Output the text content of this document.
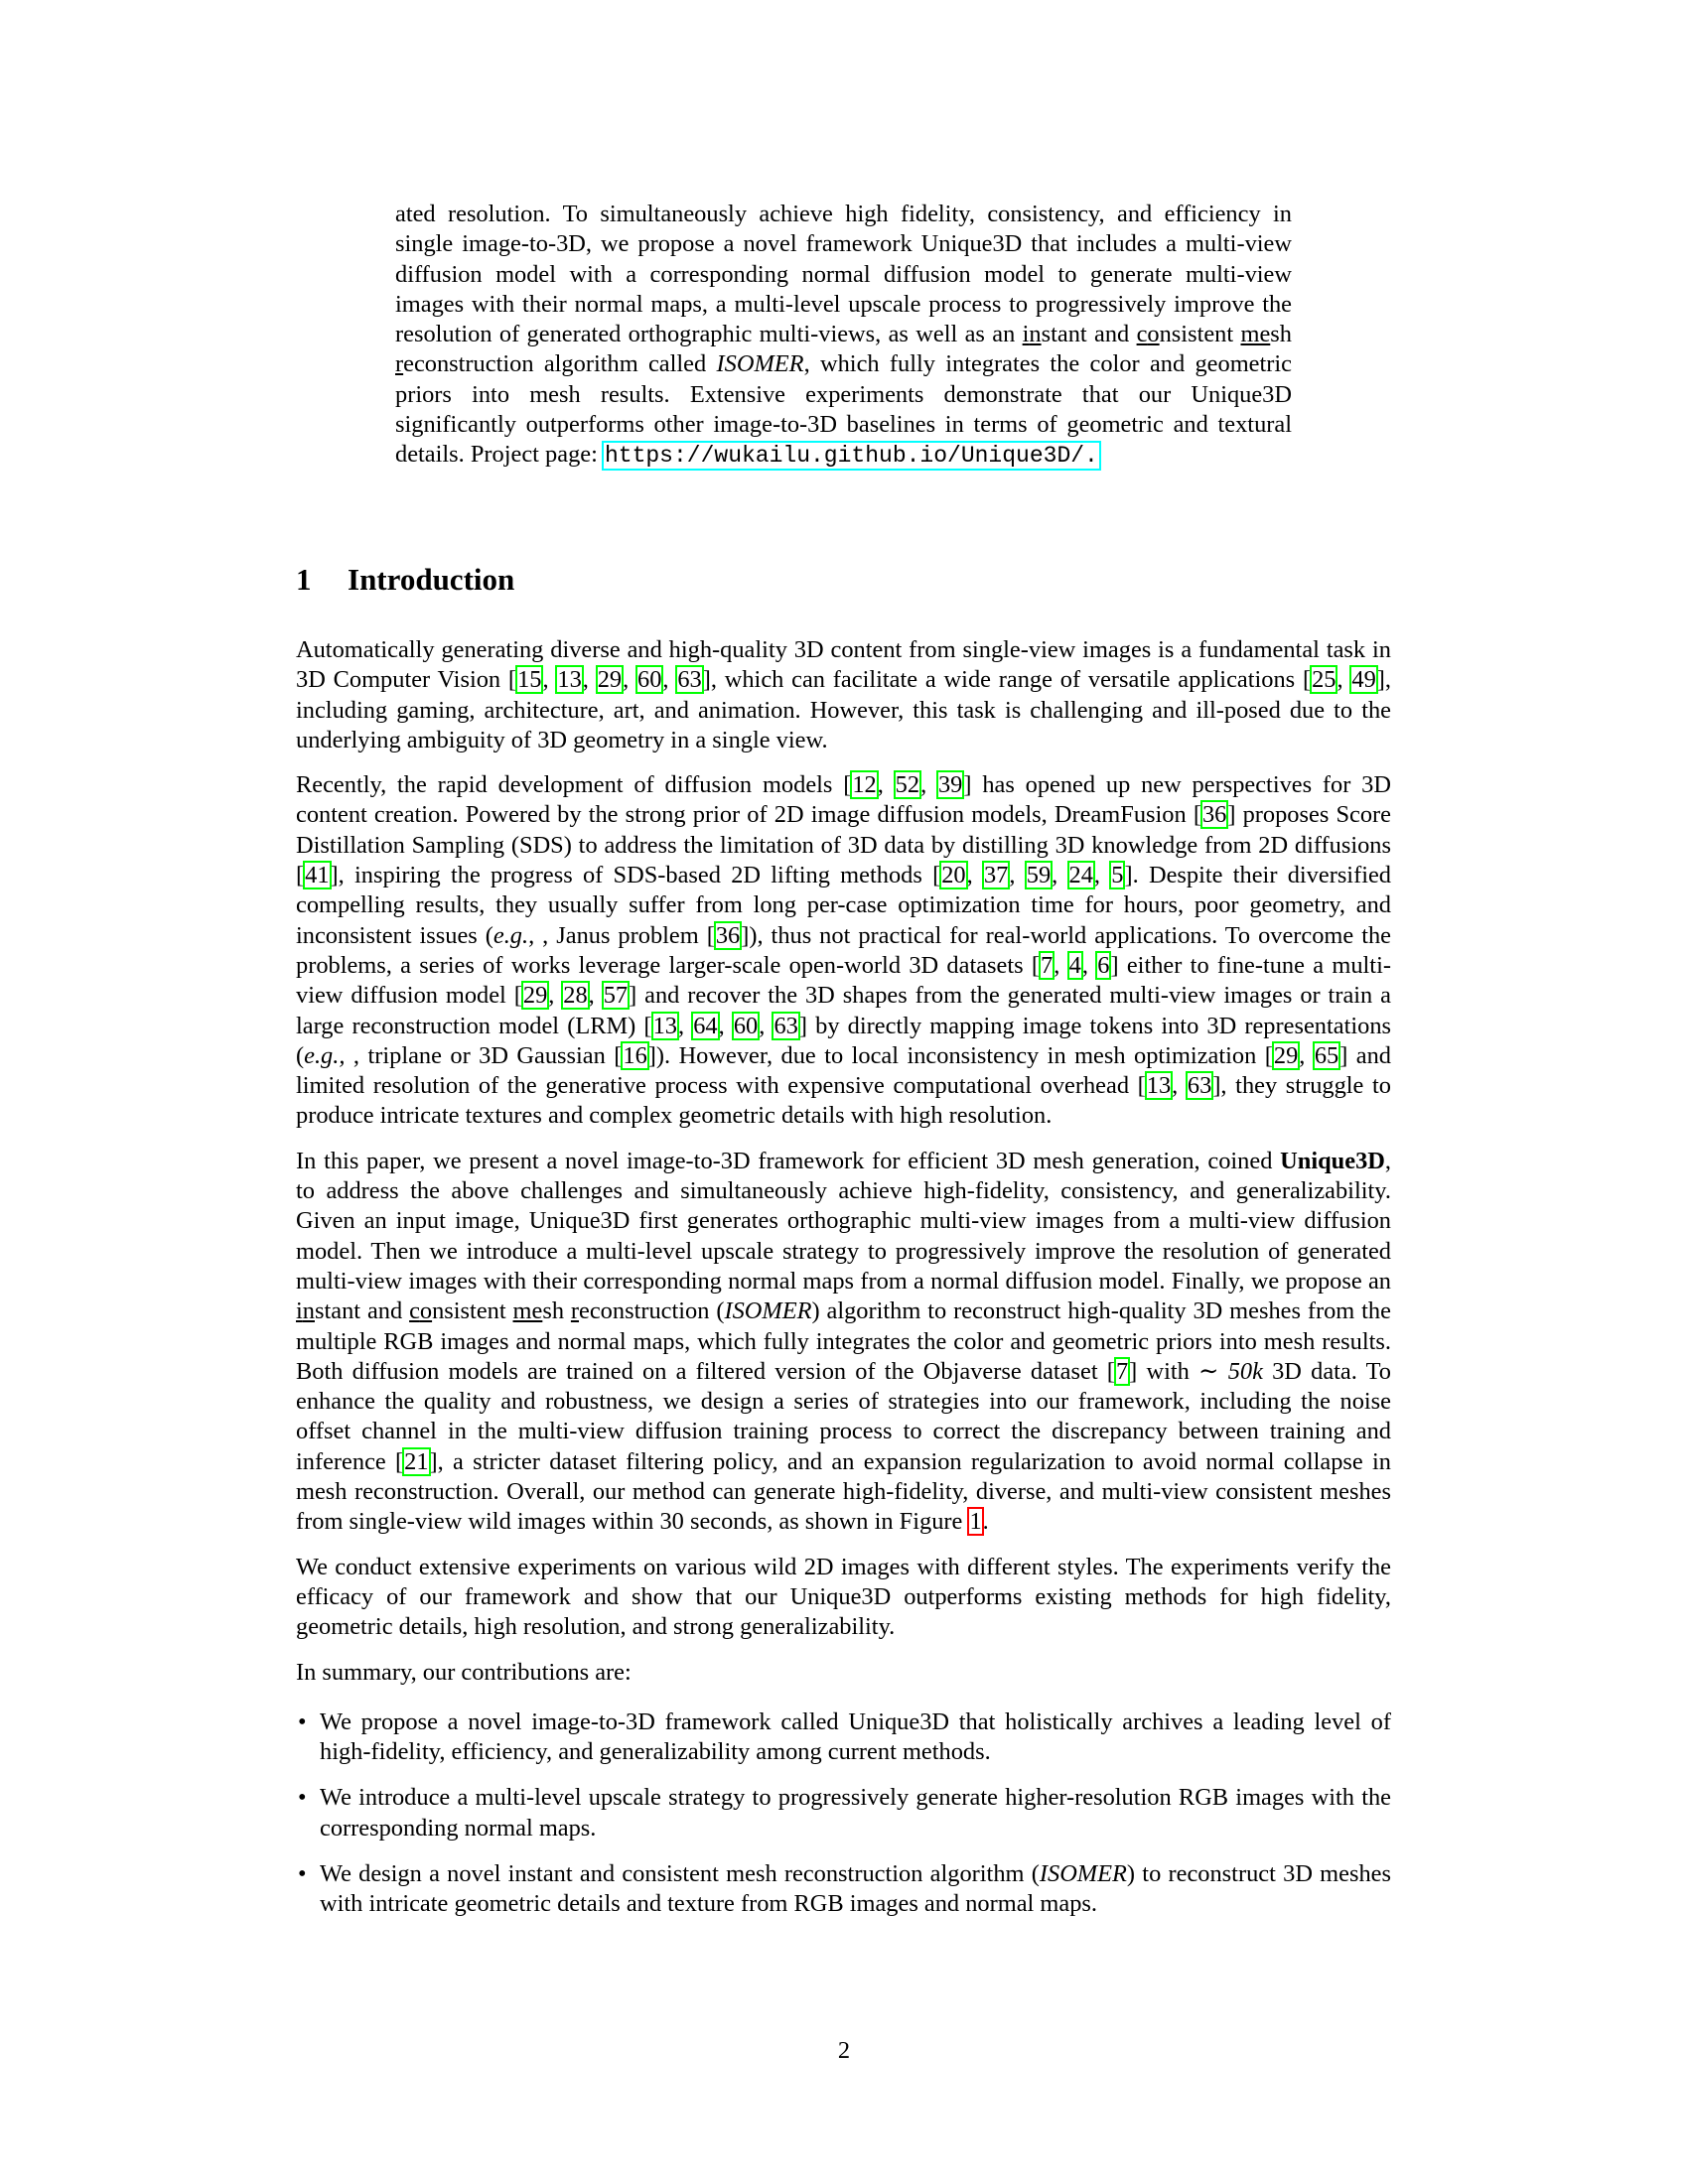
ated resolution. To simultaneously achieve high fidelity, consistency, and efficiency in single image-to-3D, we propose a novel framework Unique3D that includes a multi-view diffusion model with a corresponding normal diffusion model to generate multi-view images with their normal maps, a multi-level upscale process to progressively improve the resolution of generated orthographic multi-views, as well as an instant and consistent mesh reconstruction algorithm called ISOMER, which fully integrates the color and geometric priors into mesh results. Extensive experiments demonstrate that our Unique3D significantly outperforms other image-to-3D baselines in terms of geometric and textural details. Project page: https://wukailu.github.io/Unique3D/.
1 Introduction

Automatically generating diverse and high-quality 3D content from single-view images is a fundamental task in 3D Computer Vision [15, 13, 29, 60, 63], which can facilitate a wide range of versatile applications [25, 49], including gaming, architecture, art, and animation. However, this task is challenging and ill-posed due to the underlying ambiguity of 3D geometry in a single view.

Recently, the rapid development of diffusion models [12, 52, 39] has opened up new perspectives for 3D content creation. Powered by the strong prior of 2D image diffusion models, DreamFusion [36] proposes Score Distillation Sampling (SDS) to address the limitation of 3D data by distilling 3D knowledge from 2D diffusions [41], inspiring the progress of SDS-based 2D lifting methods [20, 37, 59, 24, 5]. Despite their diversified compelling results, they usually suffer from long per-case optimization time for hours, poor geometry, and inconsistent issues (e.g., , Janus problem [36]), thus not practical for real-world applications. To overcome the problems, a series of works leverage larger-scale open-world 3D datasets [7, 4, 6] either to fine-tune a multi-view diffusion model [29, 28, 57] and recover the 3D shapes from the generated multi-view images or train a large reconstruction model (LRM) [13, 64, 60, 63] by directly mapping image tokens into 3D representations (e.g., , triplane or 3D Gaussian [16]). However, due to local inconsistency in mesh optimization [29, 65] and limited resolution of the generative process with expensive computational overhead [13, 63], they struggle to produce intricate textures and complex geometric details with high resolution.

In this paper, we present a novel image-to-3D framework for efficient 3D mesh generation, coined Unique3D, to address the above challenges and simultaneously achieve high-fidelity, consistency, and generalizability. Given an input image, Unique3D first generates orthographic multi-view images from a multi-view diffusion model. Then we introduce a multi-level upscale strategy to progressively improve the resolution of generated multi-view images with their corresponding normal maps from a normal diffusion model. Finally, we propose an instant and consistent mesh reconstruction (ISOMER) algorithm to reconstruct high-quality 3D meshes from the multiple RGB images and normal maps, which fully integrates the color and geometric priors into mesh results. Both diffusion models are trained on a filtered version of the Objaverse dataset [7] with ∼ 50k 3D data. To enhance the quality and robustness, we design a series of strategies into our framework, including the noise offset channel in the multi-view diffusion training process to correct the discrepancy between training and inference [21], a stricter dataset filtering policy, and an expansion regularization to avoid normal collapse in mesh reconstruction. Overall, our method can generate high-fidelity, diverse, and multi-view consistent meshes from single-view wild images within 30 seconds, as shown in Figure 1.

We conduct extensive experiments on various wild 2D images with different styles. The experiments verify the efficacy of our framework and show that our Unique3D outperforms existing methods for high fidelity, geometric details, high resolution, and strong generalizability.

In summary, our contributions are:

• We propose a novel image-to-3D framework called Unique3D that holistically archives a leading level of high-fidelity, efficiency, and generalizability among current methods.
• We introduce a multi-level upscale strategy to progressively generate higher-resolution RGB images with the corresponding normal maps.
• We design a novel instant and consistent mesh reconstruction algorithm (ISOMER) to reconstruct 3D meshes with intricate geometric details and texture from RGB images and normal maps.
2
